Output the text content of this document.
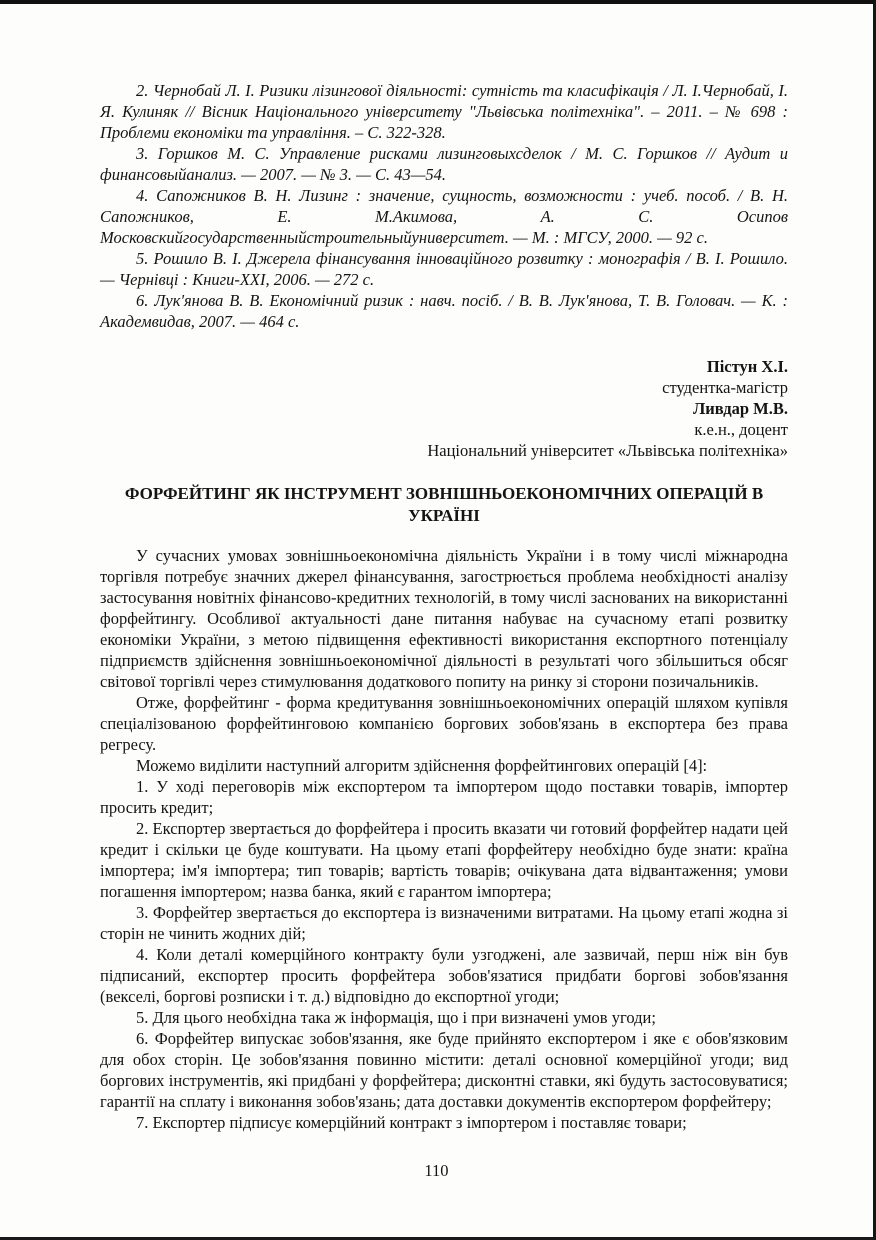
2. Чернобай Л. І. Ризики лізингової діяльності: сутність та класифікація / Л. І.Чернобай, І. Я. Кулиняк // Вісник Національного університету "Львівська політехніка". – 2011. – № 698 : Проблеми економіки та управління. – С. 322-328.

3. Горшков М. С. Управление рисками лизинговыхсделок / М. С. Горшков // Аудит и финансовыйанализ. — 2007. — № 3. — С. 43—54.

4. Сапожников В. Н. Лизинг : значение, сущность, возможности : учеб. пособ. / В. Н. Сапожников, Е. М.Акимова, А. С. Осипов Московскийгосударственныйстроительныйуниверситет. — М. : МГСУ, 2000. — 92 с.

5. Рошило В. І. Джерела фінансування інноваційного розвитку : монографія / В. І. Рошило. — Чернівці : Книги-XXI, 2006. — 272 с.

6. Лук'янова В. В. Економічний ризик : навч. посіб. / В. В. Лук'янова, Т. В. Головач. — К. : Академвидав, 2007. — 464 с.

Пістун Х.І.

студентка-магістр

Ливдар М.В.

к.е.н., доцент

Національний університет «Львівська політехніка»

ФОРФЕЙТИНГ ЯК ІНСТРУМЕНТ ЗОВНІШНЬОЕКОНОМІЧНИХ ОПЕРАЦІЙ В УКРАЇНІ

У сучасних умовах зовнішньоекономічна діяльність України і в тому числі міжнародна торгівля потребує значних джерел фінансування, загострюється проблема необхідності аналізу застосування новітніх фінансово-кредитних технологій, в тому числі заснованих на використанні форфейтингу. Особливої актуальності дане питання набуває на сучасному етапі розвитку економіки України, з метою підвищення ефективності використання експортного потенціалу підприємств здійснення зовнішньоекономічної діяльності в результаті чого збільшиться обсяг світової торгівлі через стимулювання додаткового попиту на ринку зі сторони позичальників.

Отже, форфейтинг - форма кредитування зовнішньоекономічних операцій шляхом купівля спеціалізованою форфейтинговою компанією боргових зобов'язань в експортера без права регресу.

Можемо виділити наступний алгоритм здійснення форфейтингових операцій [4]:

1. У ході переговорів між експортером та імпортером щодо поставки товарів, імпортер просить кредит;

2. Експортер звертається до форфейтера і просить вказати чи готовий форфейтер надати цей кредит і скільки це буде коштувати. На цьому етапі форфейтеру необхідно буде знати: країна імпортера; ім'я імпортера; тип товарів; вартість товарів; очікувана дата відвантаження; умови погашення імпортером; назва банка, який є гарантом імпортера;

3. Форфейтер звертається до експортера із визначеними витратами. На цьому етапі жодна зі сторін не чинить жодних дій;

4. Коли деталі комерційного контракту були узгоджені, але зазвичай, перш ніж він був підписаний, експортер просить форфейтера зобов'язатися придбати боргові зобов'язання (векселі, боргові розписки і т. д.) відповідно до експортної угоди;

5. Для цього необхідна така ж інформація, що і при визначені умов угоди;

6. Форфейтер випускає зобов'язання, яке буде прийнято експортером і яке є обов'язковим для обох сторін. Це зобов'язання повинно містити: деталі основної комерційної угоди; вид боргових інструментів, які придбані у форфейтера; дисконтні ставки, які будуть застосовуватися; гарантії на сплату і виконання зобов'язань; дата доставки документів експортером форфейтеру;

7. Експортер підписує комерційний контракт з імпортером і поставляє товари;

110
